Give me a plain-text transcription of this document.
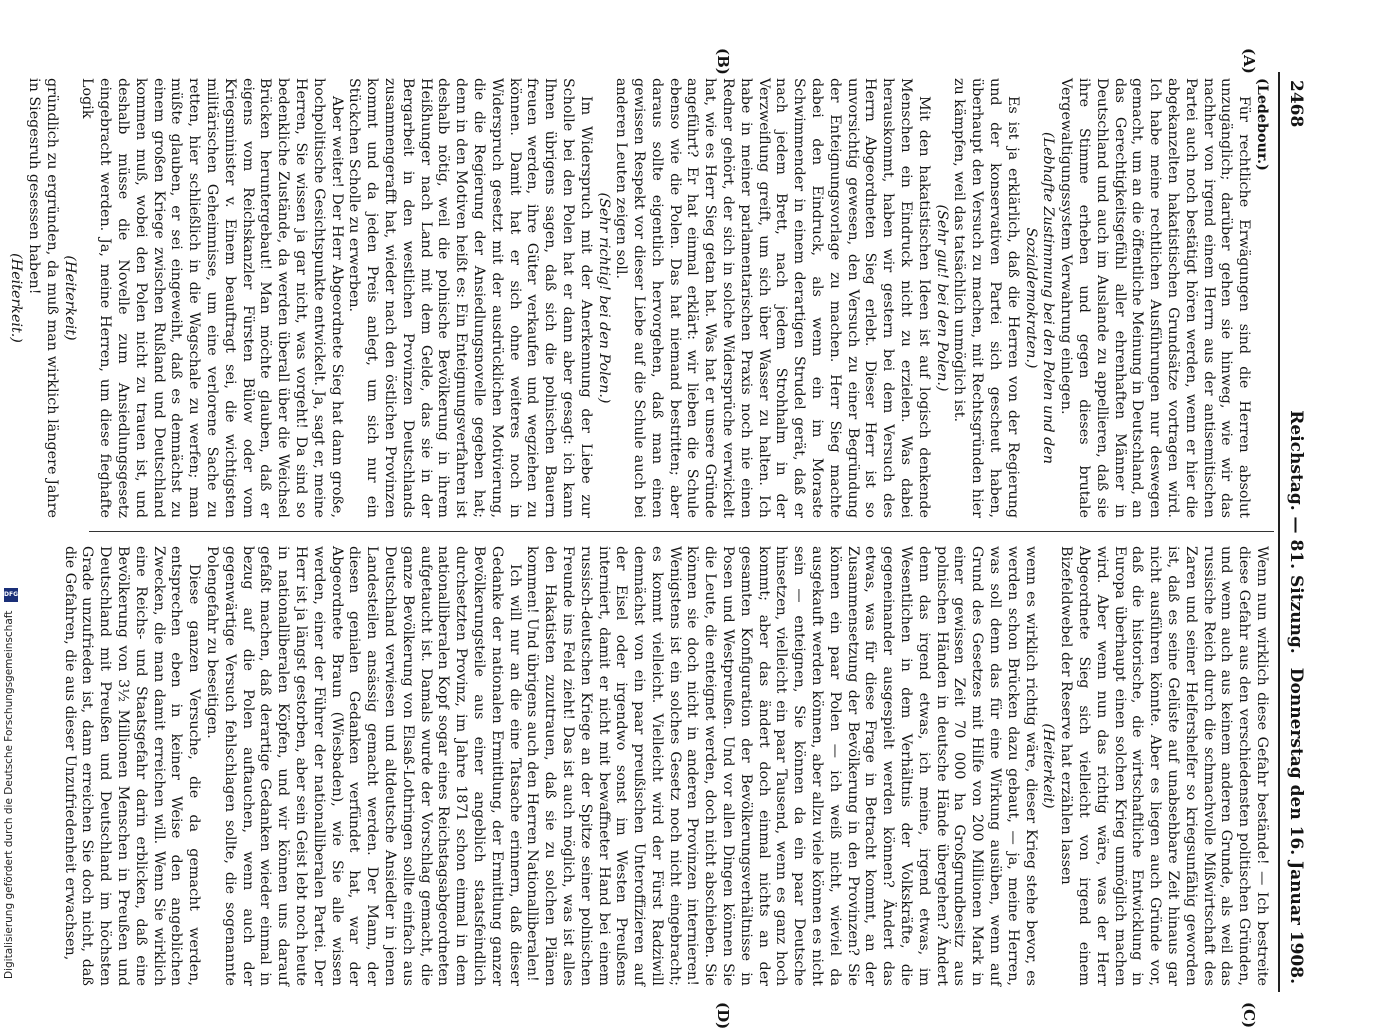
2468
Reichstag. — 81. Sitzung.
Donnerstag den 16. Januar 1908.
(A)
(B)
(C)
(D)

(Ledebour.)

Für rechtliche Erwägungen sind die Herren absolut unzugänglich; darüber gehen sie hinweg, wie wir das nachher von irgend einem Herrn aus der antisemitischen Partei auch noch bestätigt hören werden, wenn er hier die abgekanzelten hakatistischen Grundsätze vortragen wird. Ich habe meine rechtlichen Ausführungen nur deswegen gemacht, um an die öffentliche Meinung in Deutschland, an das Gerechtigkeitsgefühl aller ehrenhaften Männer in Deutschland und auch im Auslande zu appellieren, daß sie ihre Stimme erheben und gegen dieses brutale Vergewaltigungssystem Verwahrung einlegen.

(Lebhafte Zustimmung bei den Polen und den Sozialdemokraten.)

Es ist ja erklärlich, daß die Herren von der Regierung und der konservativen Partei sich gescheut haben, überhaupt den Versuch zu machen, mit Rechtsgründen hier zu kämpfen, weil das tatsächlich unmöglich ist.

(Sehr gut! bei den Polen.)

Mit den hakatistischen Ideen ist auf logisch denkende Menschen ein Eindruck nicht zu erzielen. Was dabei herauskommt, haben wir gestern bei dem Versuch des Herrn Abgeordneten Sieg erlebt. Dieser Herr ist so unvorsichtig gewesen, den Versuch zu einer Begründung der Enteignungsvorlage zu machen. Herr Sieg machte dabei den Eindruck, als wenn ein im Moraste Schwimmender in einem derartigen Strudel gerät, daß er nach jedem Brett, nach jedem Strohhalm in der Verzweiflung greift, um sich über Wasser zu halten. Ich habe in meiner parlamentarischen Praxis noch nie einen Redner gehört, der sich in solche Widersprüche verwickelt hat, wie es Herr Sieg getan hat. Was hat er unsere Gründe angeführt? Er hat einmal erklärt: wir lieben die Schule ebenso wie die Polen. Das hat niemand bestritten; aber daraus sollte eigentlich hervorgehen, daß man einen gewissen Respekt vor dieser Liebe auf die Schule auch bei anderen Leuten zeigen soll.

(Sehr richtig! bei den Polen.)

Im Widerspruch mit der Anerkennung der Liebe zur Scholle bei den Polen hat er dann aber gesagt: ich kann Ihnen übrigens sagen, daß sich die polnischen Bauern freuen werden, ihre Güter verkaufen und wegziehen zu können. Damit hat er sich ohne weiteres noch in Widerspruch gesetzt mit der ausdrücklichen Motivierung, die die Regierung der Ansiedlungsnovelle gegeben hat; denn in den Motiven heißt es: Ein Enteignungsverfahren ist deshalb nötig, weil die polnische Bevölkerung in ihrem Heißhunger nach Land mit dem Gelde, das sie in der Bergarbeit in den westlichen Provinzen Deutschlands zusammengerafft hat, wieder nach den östlichen Provinzen kommt und da jeden Preis anlegt, um sich nur ein Stückchen Scholle zu erwerben.

Aber weiter! Der Herr Abgeordnete Sieg hat dann große, hochpolitische Gesichtspunkte entwickelt. Ja, sagt er, meine Herren, Sie wissen ja gar nicht, was vorgeht! Da sind so bedenkliche Zustände, da werden überall über die Weichsel Brücken heruntergebaut! Man möchte glauben, daß er eigens vom Reichskanzler Fürsten Bülow oder vom Kriegsminister v. Einem beauftragt sei, die wichtigsten militärischen Geheimnisse, um eine verlorene Sache zu retten, hier schließlich in die Wagschale zu werfen; man müßte glauben, er sei eingeweiht, daß es demnächst zu einem großen Kriege zwischen Rußland und Deutschland kommen muß, wobei den Polen nicht zu trauen ist, und deshalb müsse die Novelle zum Ansiedlungsgesetz eingebracht werden. Ja, meine Herren, um diese fieghafte Logik

(Heiterkeit)

gründlich zu ergründen, da muß man wirklich längere Jahre in Siegesruh gesessen haben!

(Heiterkeit.)

Wenn nun wirklich diese Gefahr bestände! — Ich bestreite diese Gefahr aus den verschiedensten politischen Gründen, und wenn auch aus keinem anderen Grunde, als weil das russische Reich durch die schmachvolle Mißwirtschaft des Zaren und seiner Helfershelfer so kriegsunfähig geworden ist, daß es seine Gelüste auf unabsehbare Zeit hinaus gar nicht ausführen könnte. Aber es liegen auch Gründe vor, daß die historische, die wirtschaftliche Entwicklung in Europa überhaupt einen solchen Krieg unmöglich machen wird. Aber wenn nun das richtig wäre, was der Herr Abgeordnete Sieg sich vielleicht von irgend einem Bizefeldwebel der Reserve hat erzählen lassen

(Heiterkeit)

wenn es wirklich richtig wäre, dieser Krieg stehe bevor, es werden schon Brücken dazu gebaut, — ja, meine Herren, was soll denn das für eine Wirkung ausüben, wenn auf Grund des Gesetzes mit Hilfe von 200 Millionen Mark in einer gewissen Zeit 70 000 ha Großgrundbesitz aus polnischen Händen in deutsche Hände übergehen? Ändert denn das irgend etwas, ich meine, irgend etwas, im Wesentlichen in dem Verhältnis der Volkskräfte, die gegeneinander ausgespielt werden können? Ändert das etwas, was für diese Frage in Betracht kommt, an der Zusammensetzung der Bevölkerung in den Provinzen? Sie können ein paar Polen — ich weiß nicht, wieviel da ausgekauft werden können, aber allzu viele können es nicht sein — enteignen, Sie können da ein paar Deutsche hinsetzen, vielleicht ein paar Tausend, wenn es ganz hoch kommt; aber das ändert doch einmal nichts an der gesamten Konfiguration der Bevölkerungsverhältnisse in Posen und Westpreußen. Und vor allen Dingen können Sie die Leute, die enteignet werden, doch nicht abschieben. Sie können sie doch nicht in anderen Provinzen internieren! Wenigstens ist ein solches Gesetz noch nicht eingebracht; es kommt vielleicht. Vielleicht wird der Fürst Radziwill demnächst von ein paar preußischen Unteroffizieren auf der Eisel oder irgendwo sonst im Westen Preußens interniert, damit er nicht mit bewaffneter Hand bei einem russisch-deutschen Kriege an der Spitze seiner polnischen Freunde ins Feld zieht! Das ist auch möglich, was ist alles den Hakatisten zuzutrauen, daß sie zu solchen Plänen kommen! Und übrigens auch den Herren Nationalliberalen!

Ich will nur an die eine Tatsache erinnern, daß dieser Gedanke der nationalen Ermittlung, der Ermittlung ganzer Bevölkerungsteile aus einer angeblich staatsfeindlich durchsetzten Provinz, im Jahre 1871 schon einmal in dem nationalliberalen Kopf sogar eines Reichstagsabgeordneten aufgetaucht ist. Damals wurde der Vorschlag gemacht, die ganze Bevölkerung von Elsaß-Lothringen sollte einfach aus Deutschland verwiesen und altdeutsche Ansiedler in jenen Landesteilen ansässig gemacht werden. Der Mann, der diesen genialen Gedanken verfündet hat, war der Abgeordnete Braun (Wiesbaden), wie Sie alle wissen werden, einer der Führer der nationalliberalen Partei. Der Herr ist ja längst gestorben, aber sein Geist lebt noch heute in nationalliberalen Köpfen, und wir können uns darauf gefaßt machen, daß derartige Gedanken wieder einmal in bezug auf die Polen auftauchen, wenn auch der gegenwärtige Versuch fehlschlagen sollte, die sogenannte Polengefahr zu beseitigen.

Diese ganzen Versuche, die da gemacht werden, entsprechen eben in keiner Weise den angeblichen Zwecken, die man damit erreichen will. Wenn Sie wirklich eine Reichs- und Staatsgefahr darin erblicken, daß eine Bevölkerung von 3½ Millionen Menschen in Preußen und Deutschland mit Preußen und Deutschland im höchsten Grade unzufrieden ist, dann erreichen Sie doch nicht, daß die Gefahren, die aus dieser Unzufriedenheit erwachsen,

DFG
Digitalisierung gefördert durch die Deutsche Forschungsgemeinschaft
